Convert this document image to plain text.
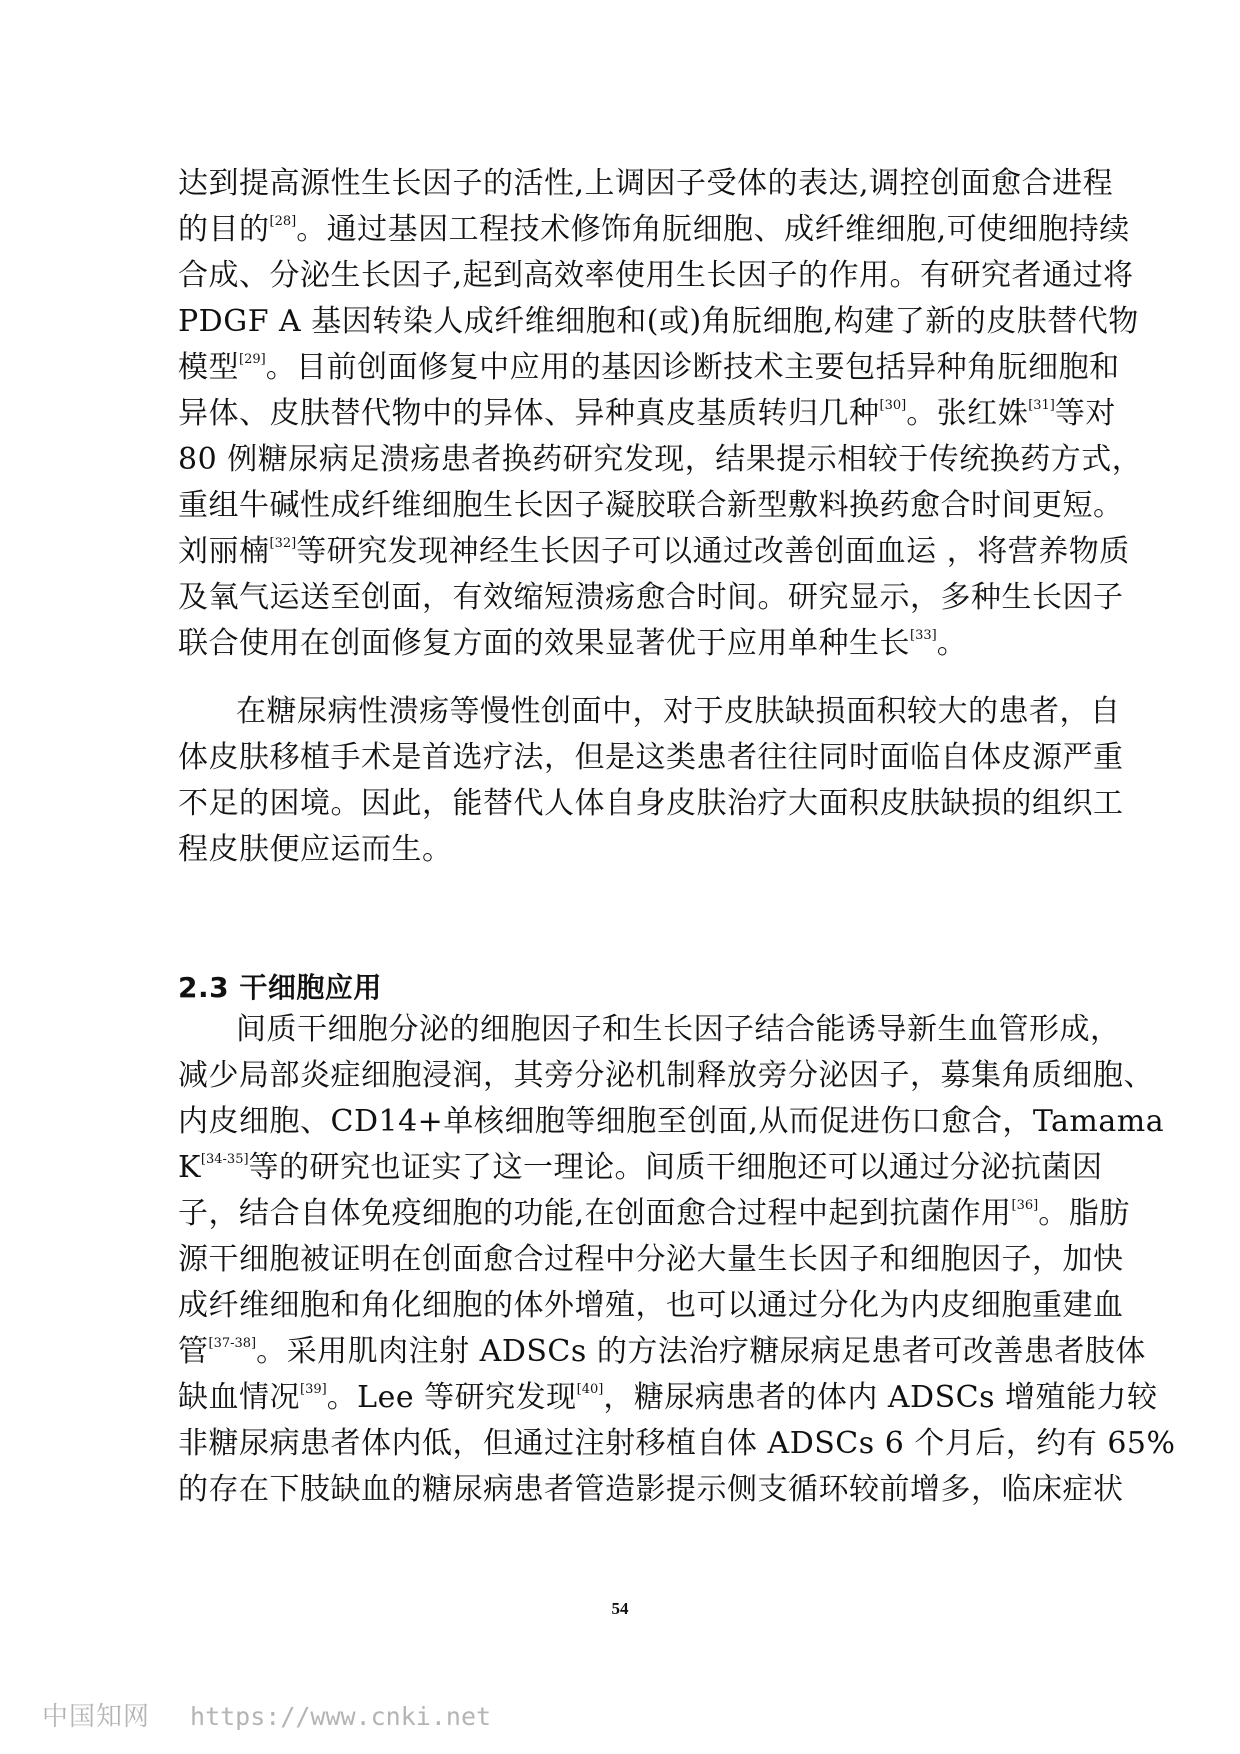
达到提高源性生长因子的活性,上调因子受体的表达,调控创面愈合进程
的目的[28]。通过基因工程技术修饰角朊细胞、成纤维细胞,可使细胞持续
合成、分泌生长因子,起到高效率使用生长因子的作用。有研究者通过将
PDGF A 基因转染人成纤维细胞和(或)角朊细胞,构建了新的皮肤替代物
模型[29]。目前创面修复中应用的基因诊断技术主要包括异种角朊细胞和
异体、皮肤替代物中的异体、异种真皮基质转归几种[30]。张红姝[31]等对
80 例糖尿病足溃疡患者换药研究发现，结果提示相较于传统换药方式，
重组牛碱性成纤维细胞生长因子凝胶联合新型敷料换药愈合时间更短。
刘丽楠[32]等研究发现神经生长因子可以通过改善创面血运 ，将营养物质
及氧气运送至创面，有效缩短溃疡愈合时间。研究显示，多种生长因子
联合使用在创面修复方面的效果显著优于应用单种生长[33]。
在糖尿病性溃疡等慢性创面中，对于皮肤缺损面积较大的患者，自
体皮肤移植手术是首选疗法，但是这类患者往往同时面临自体皮源严重
不足的困境。因此，能替代人体自身皮肤治疗大面积皮肤缺损的组织工
程皮肤便应运而生。
2.3 干细胞应用
间质干细胞分泌的细胞因子和生长因子结合能诱导新生血管形成，
减少局部炎症细胞浸润，其旁分泌机制释放旁分泌因子，募集角质细胞、
内皮细胞、CD14+单核细胞等细胞至创面,从而促进伤口愈合，Tamama
K[34-35]等的研究也证实了这一理论。间质干细胞还可以通过分泌抗菌因
子，结合自体免疫细胞的功能,在创面愈合过程中起到抗菌作用[36]。脂肪
源干细胞被证明在创面愈合过程中分泌大量生长因子和细胞因子，加快
成纤维细胞和角化细胞的体外增殖，也可以通过分化为内皮细胞重建血
管[37-38]。采用肌肉注射 ADSCs 的方法治疗糖尿病足患者可改善患者肢体
缺血情况[39]。Lee 等研究发现[40]，糖尿病患者的体内 ADSCs 增殖能力较
非糖尿病患者体内低，但通过注射移植自体 ADSCs 6 个月后，约有 65%
的存在下肢缺血的糖尿病患者管造影提示侧支循环较前增多，临床症状
54
中国知网 https://www.cnki.net
